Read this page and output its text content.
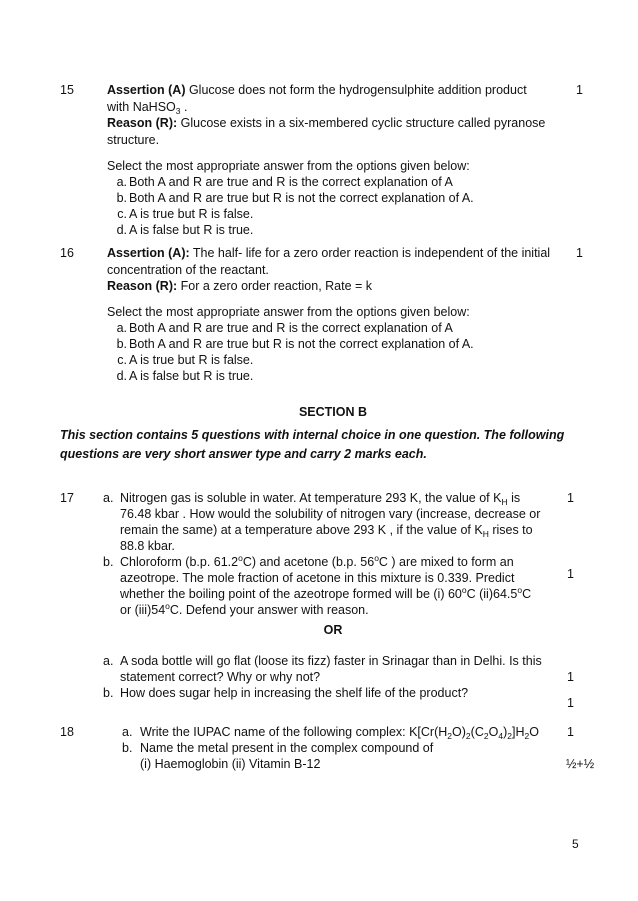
15	Assertion (A) Glucose does not form the hydrogensulphite addition product
with NaHSO$_3$ .
Reason (R): Glucose exists in a six-membered cyclic structure called pyranose
structure.
Select the most appropriate answer from the options given below:
a. Both A and R are true and R is the correct explanation of A
b. Both A and R are true but R is not the correct explanation of A.
c. A is true but R is false.
d. A is false but R is true.
1
16	Assertion (A): The half- life for a zero order reaction is independent of the initial
concentration of the reactant.
Reason (R): For a zero order reaction, Rate = k
Select the most appropriate answer from the options given below:
a. Both A and R are true and R is the correct explanation of A
b. Both A and R are true but R is not the correct explanation of A.
c. A is true but R is false.
d. A is false but R is true.
1
SECTION B
This section contains 5 questions with internal choice in one question. The following
questions are very short answer type and carry 2 marks each.
17 a. Nitrogen gas is soluble in water. At temperature 293 K, the value of $K_H$ is
76.48 kbar . How would the solubility of nitrogen vary (increase, decrease or
remain the same) at a temperature above 293 K , if the value of $K_H$ rises to
88.8 kbar.
b. Chloroform (b.p. 61.2$^o$C) and acetone (b.p. 56$^o$C ) are mixed to form an
azeotrope. The mole fraction of acetone in this mixture is 0.339. Predict
whether the boiling point of the azeotrope formed will be (i) 60$^o$C (ii)64.5$^o$C
or (iii)54$^o$C. Defend your answer with reason.
OR
a. A soda bottle will go flat (loose its fizz) faster in Srinagar than in Delhi. Is this
statement correct? Why or why not?
b. How does sugar help in increasing the shelf life of the product?
1
1
1
1
18	a. Write the IUPAC name of the following complex: $K[Cr(H_2O)_2(C_2O_4)_2]H_2O$
b. Name the metal present in the complex compound of
(i) Haemoglobin (ii) Vitamin B-12
1
½+½
5
